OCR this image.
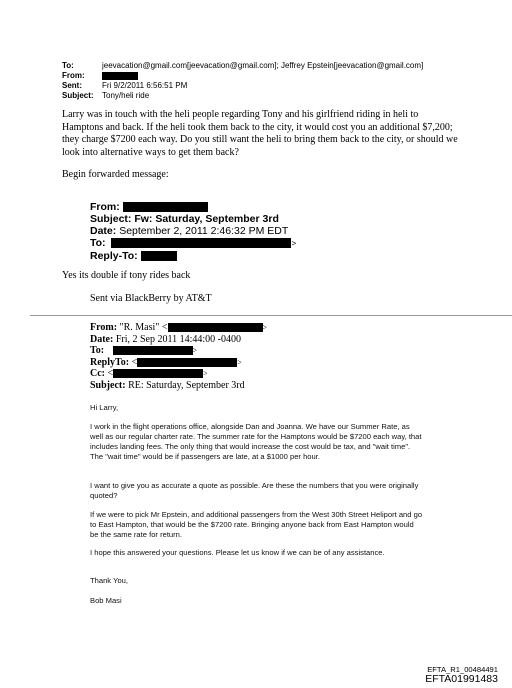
To:	jeevacation@gmail.com[jeevacation@gmail.com]; Jeffrey Epstein[jeevacation@gmail.com]
From:
Sent:	Fri 9/2/2011 6:56:51 PM
Subject: Tony/heli ride
Larry was in touch with the heli people regarding Tony and his girlfriend riding in heli to Hamptons and back. If the heli took them back to the city, it would cost you an additional $7,200; they charge $7200 each way. Do you still want the heli to bring them back to the city, or should we look into alternative ways to get them back?
Begin forwarded message:
From:
Subject: Fw: Saturday, September 3rd
Date: September 2, 2011 2:46:32 PM EDT
To:	>
Reply-To:
Yes its double if tony rides back
Sent via BlackBerry by AT&T
From: "R. Masi" <	>
Date: Fri, 2 Sep 2011 14:44:00 -0400
To:	>
ReplyTo: <	>
Cc: <	>
Subject: RE: Saturday, September 3rd
Hi Larry,
I work in the flight operations office, alongside Dan and Joanna. We have our Summer Rate, as well as our regular charter rate. The summer rate for the Hamptons would be $7200 each way, that includes landing fees. The only thing that would increase the cost would be tax, and "wait time". The "wait time" would be if passengers are late, at a $1000 per hour.
I want to give you as accurate a quote as possible. Are these the numbers that you were originally quoted?
If we were to pick Mr Epstein, and additional passengers from the West 30th Street Heliport and go to East Hampton, that would be the $7200 rate. Bringing anyone back from East Hampton would be the same rate for return.
I hope this answered your questions. Please let us know if we can be of any assistance.
Thank You,
Bob Masi
EFTA_R1_00484491
EFTA01991483
